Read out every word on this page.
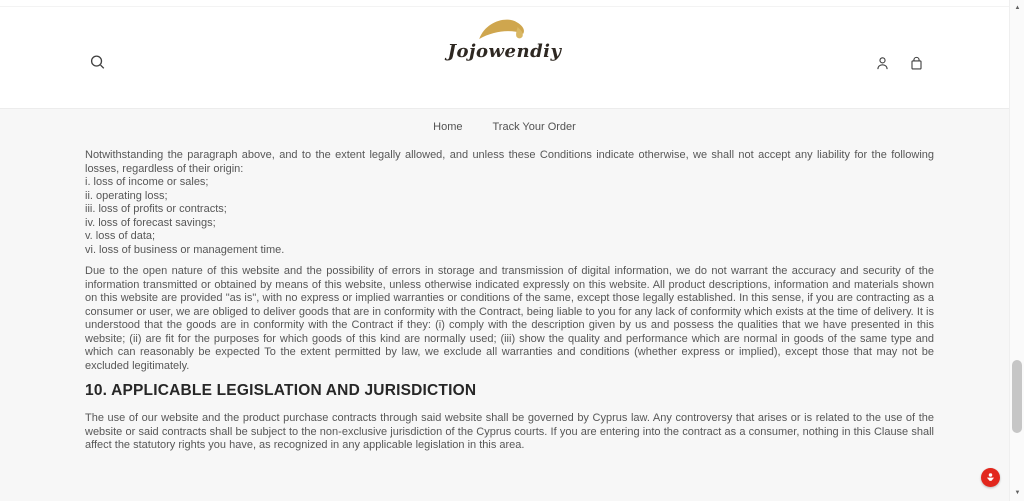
Jojowendiy
Home	Track Your Order

Notwithstanding the paragraph above, and to the extent legally allowed, and unless these Conditions indicate otherwise, we shall not accept any liability for the following losses, regardless of their origin:

i. loss of income or sales;
ii. operating loss;
iii. loss of profits or contracts;
iv. loss of forecast savings;
v. loss of data;
vi. loss of business or management time.

Due to the open nature of this website and the possibility of errors in storage and transmission of digital information, we do not warrant the accuracy and security of the information transmitted or obtained by means of this website, unless otherwise indicated expressly on this website. All product descriptions, information and materials shown on this website are provided "as is", with no express or implied warranties or conditions of the same, except those legally established. In this sense, if you are contracting as a consumer or user, we are obliged to deliver goods that are in conformity with the Contract, being liable to you for any lack of conformity which exists at the time of delivery. It is understood that the goods are in conformity with the Contract if they: (i) comply with the description given by us and possess the qualities that we have presented in this website; (ii) are fit for the purposes for which goods of this kind are normally used; (iii) show the quality and performance which are normal in goods of the same type and which can reasonably be expected To the extent permitted by law, we exclude all warranties and conditions (whether express or implied), except those that may not be excluded legitimately.

10. APPLICABLE LEGISLATION AND JURISDICTION

The use of our website and the product purchase contracts through said website shall be governed by Cyprus law. Any controversy that arises or is related to the use of the website or said contracts shall be subject to the non-exclusive jurisdiction of the Cyprus courts. If you are entering into the contract as a consumer, nothing in this Clause shall affect the statutory rights you have, as recognized in any applicable legislation in this area.

▲
▼
